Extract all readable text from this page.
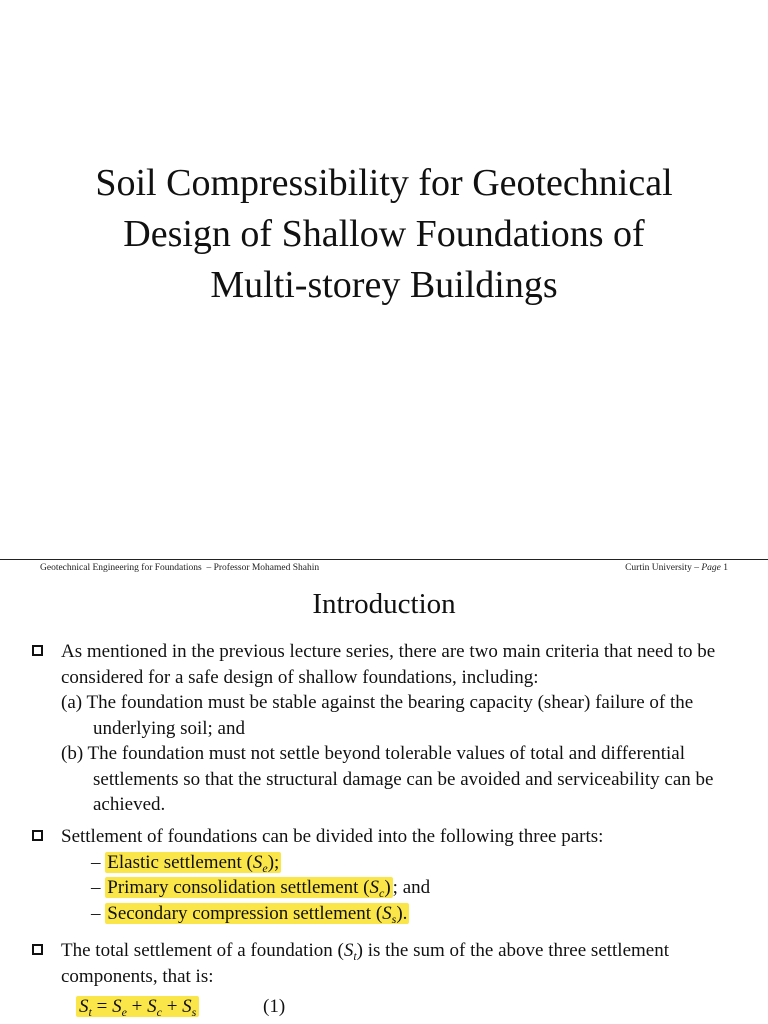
Soil Compressibility for Geotechnical
Design of Shallow Foundations of
Multi-storey Buildings
Geotechnical Engineering for Foundations – Professor Mohamed Shahin	Curtin University – Page 1
Introduction
As mentioned in the previous lecture series, there are two main criteria that need to be considered for a safe design of shallow foundations, including:
(a) The foundation must be stable against the bearing capacity (shear) failure of the underlying soil; and
(b) The foundation must not settle beyond tolerable values of total and differential settlements so that the structural damage can be avoided and serviceability can be achieved.
Settlement of foundations can be divided into the following three parts:
– Elastic settlement $(S_e)$;
– Primary consolidation settlement $(S_c)$ ; and
– Secondary compression settlement $(S_s)$.
The total settlement of a foundation $(S_t)$ is the sum of the above three settlement components, that is:
$S_t = S_e + S_c + S_s$	(1)
